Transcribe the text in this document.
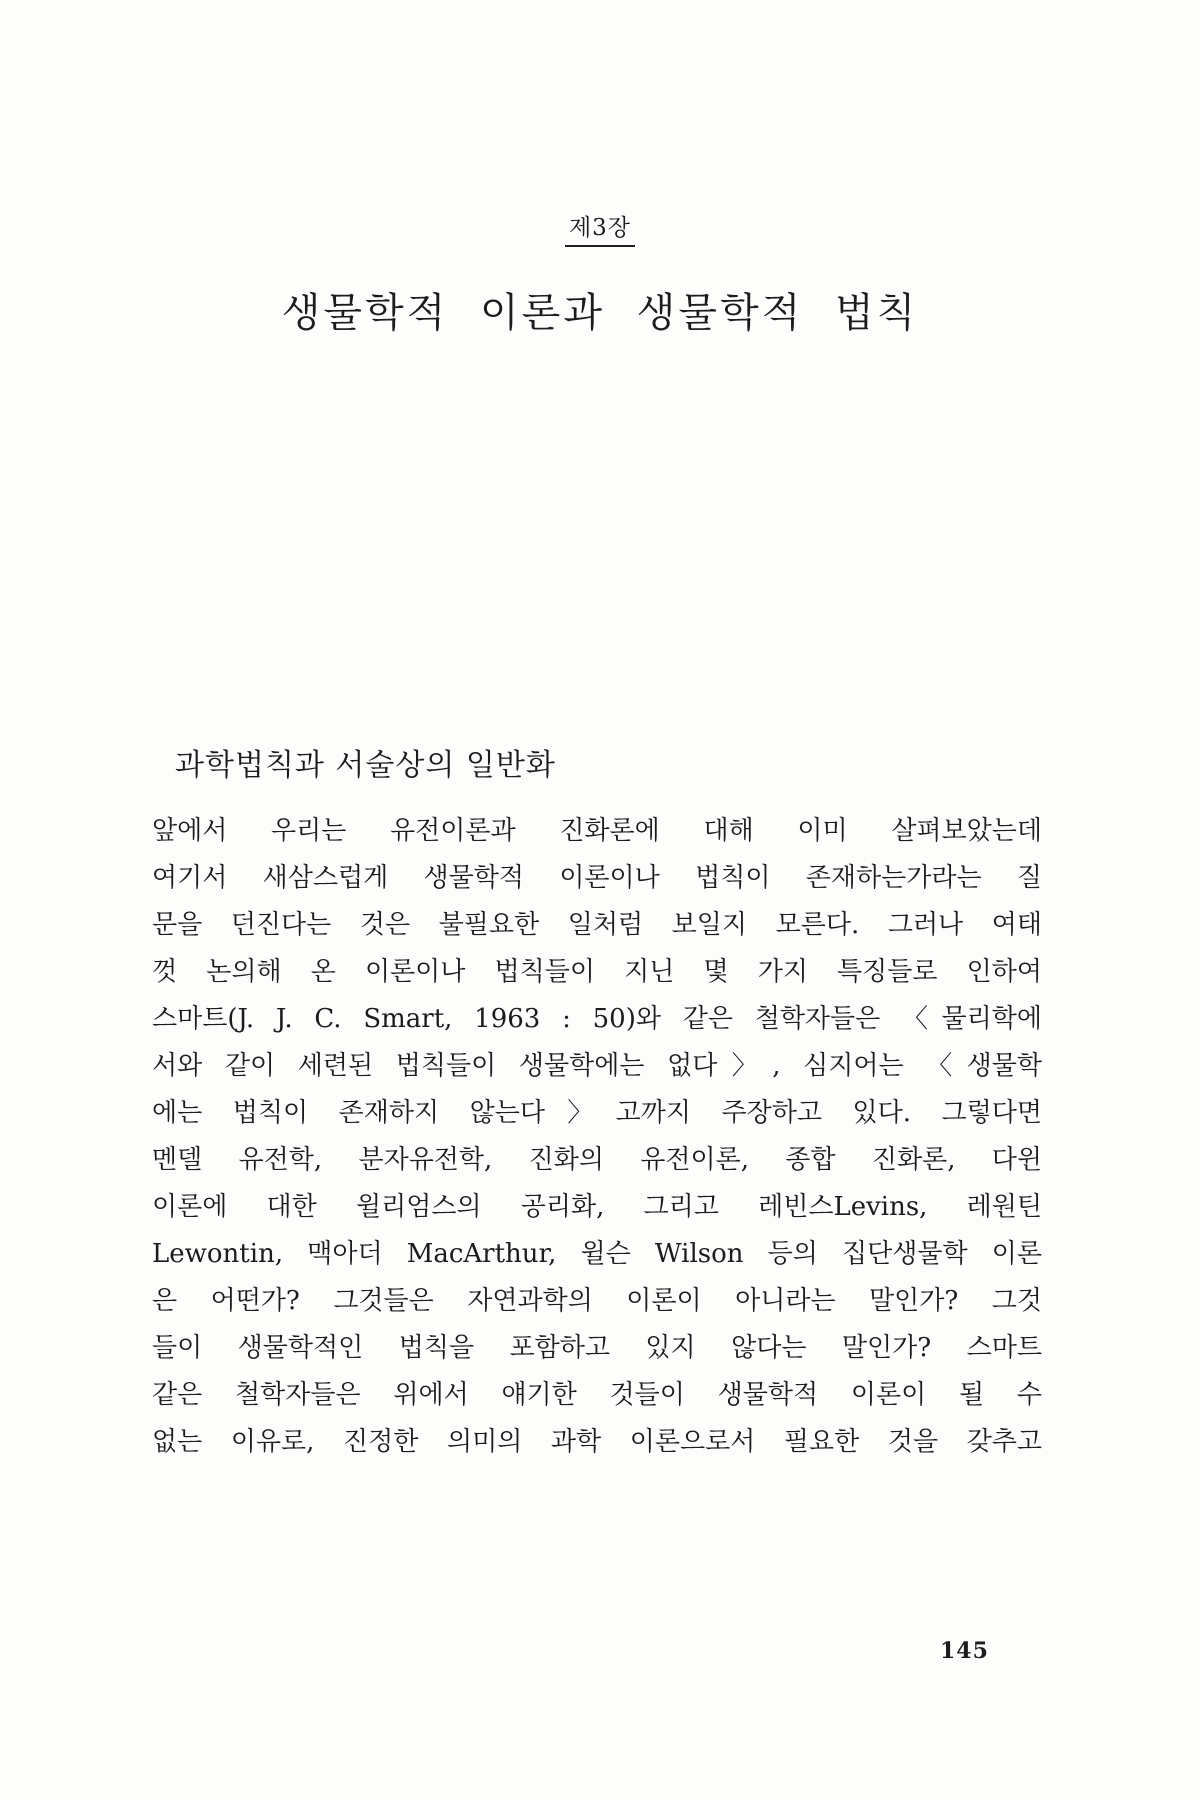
제3장
생물학적 이론과 생물학적 법칙
과학법칙과 서술상의 일반화
앞에서 우리는 유전이론과 진화론에 대해 이미 살펴보았는데
여기서 새삼스럽게 생물학적 이론이나 법칙이 존재하는가라는 질
문을 던진다는 것은 불필요한 일처럼 보일지 모른다. 그러나 여태
껏 논의해 온 이론이나 법칙들이 지닌 몇 가지 특징들로 인하여
스마트(J. J. C. Smart, 1963 : 50)와 같은 철학자들은 〈물리학에
서와 같이 세련된 법칙들이 생물학에는 없다〉, 심지어는 〈생물학
에는 법칙이 존재하지 않는다〉고까지 주장하고 있다. 그렇다면
멘델 유전학, 분자유전학, 진화의 유전이론, 종합 진화론, 다윈
이론에 대한 윌리엄스의 공리화, 그리고 레빈스Levins, 레원틴
Lewontin, 맥아더 MacArthur, 윌슨 Wilson 등의 집단생물학 이론
은 어떤가? 그것들은 자연과학의 이론이 아니라는 말인가? 그것
들이 생물학적인 법칙을 포함하고 있지 않다는 말인가? 스마트
같은 철학자들은 위에서 얘기한 것들이 생물학적 이론이 될 수
없는 이유로, 진정한 의미의 과학 이론으로서 필요한 것을 갖추고
145
